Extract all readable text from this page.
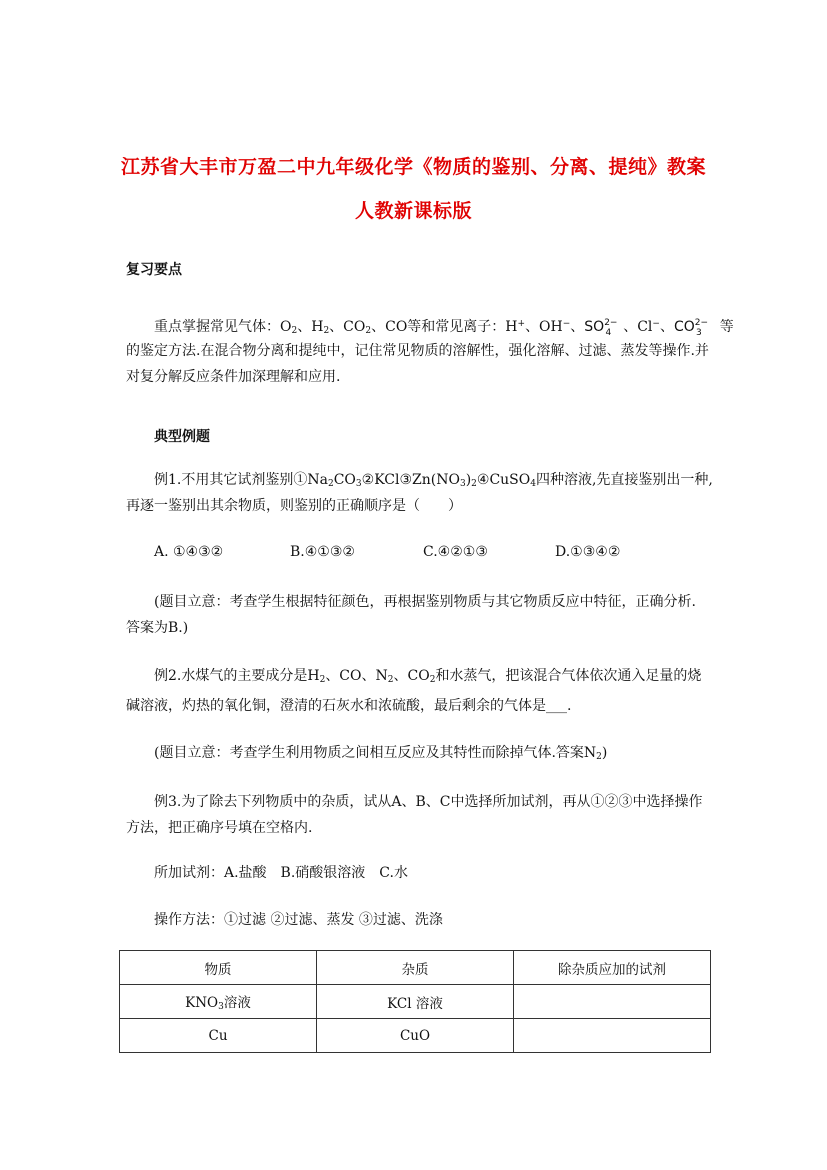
江苏省大丰市万盈二中九年级化学《物质的鉴别、分离、提纯》教案
人教新课标版
复习要点
重点掌握常见气体：$O_2$、$H_2$、$CO_2$、CO等和常见离子：H+、OH−、$SO^{2-}_4$ 、Cl−、$CO^{2-}_3$ 等

的鉴定方法.在混合物分离和提纯中，记住常见物质的溶解性，强化溶解、过滤、蒸发等操作.并对复分解反应条件加深理解和应用.

典型例题
例1.不用其它试剂鉴别$①Na_2CO_3②KCl③Zn(NO_3)_2④CuSO_4$四种溶液,先直接鉴别出一种,
再逐一鉴别出其余物质，则鉴别的正确顺序是（　　）
A. ①④③②	B.④①③②	C.④②①③	D.①③④②

(题目立意：考查学生根据特征颜色，再根据鉴别物质与其它物质反应中特征，正确分析.答案为B.)

例2.水煤气的主要成分是$H_2$、CO、$N_2$、$CO_2$和水蒸气，把该混合气体依次通入足量的烧碱溶液，灼热的氧化铜，澄清的石灰水和浓硫酸，最后剩余的气体是___.

(题目立意：考查学生利用物质之间相互反应及其特性而除掉气体.答案$N_2$)

例3.为了除去下列物质中的杂质，试从A、B、C中选择所加试剂，再从①②③中选择操作方法，把正确序号填在空格内.

所加试剂：A.盐酸　B.硝酸银溶液　C.水
操作方法：①过滤 ②过滤、蒸发 ③过滤、洗涤
物质	杂质	除杂质应加的试剂
$KNO_3$溶液	KCl 溶液	
Cu	CuO	
